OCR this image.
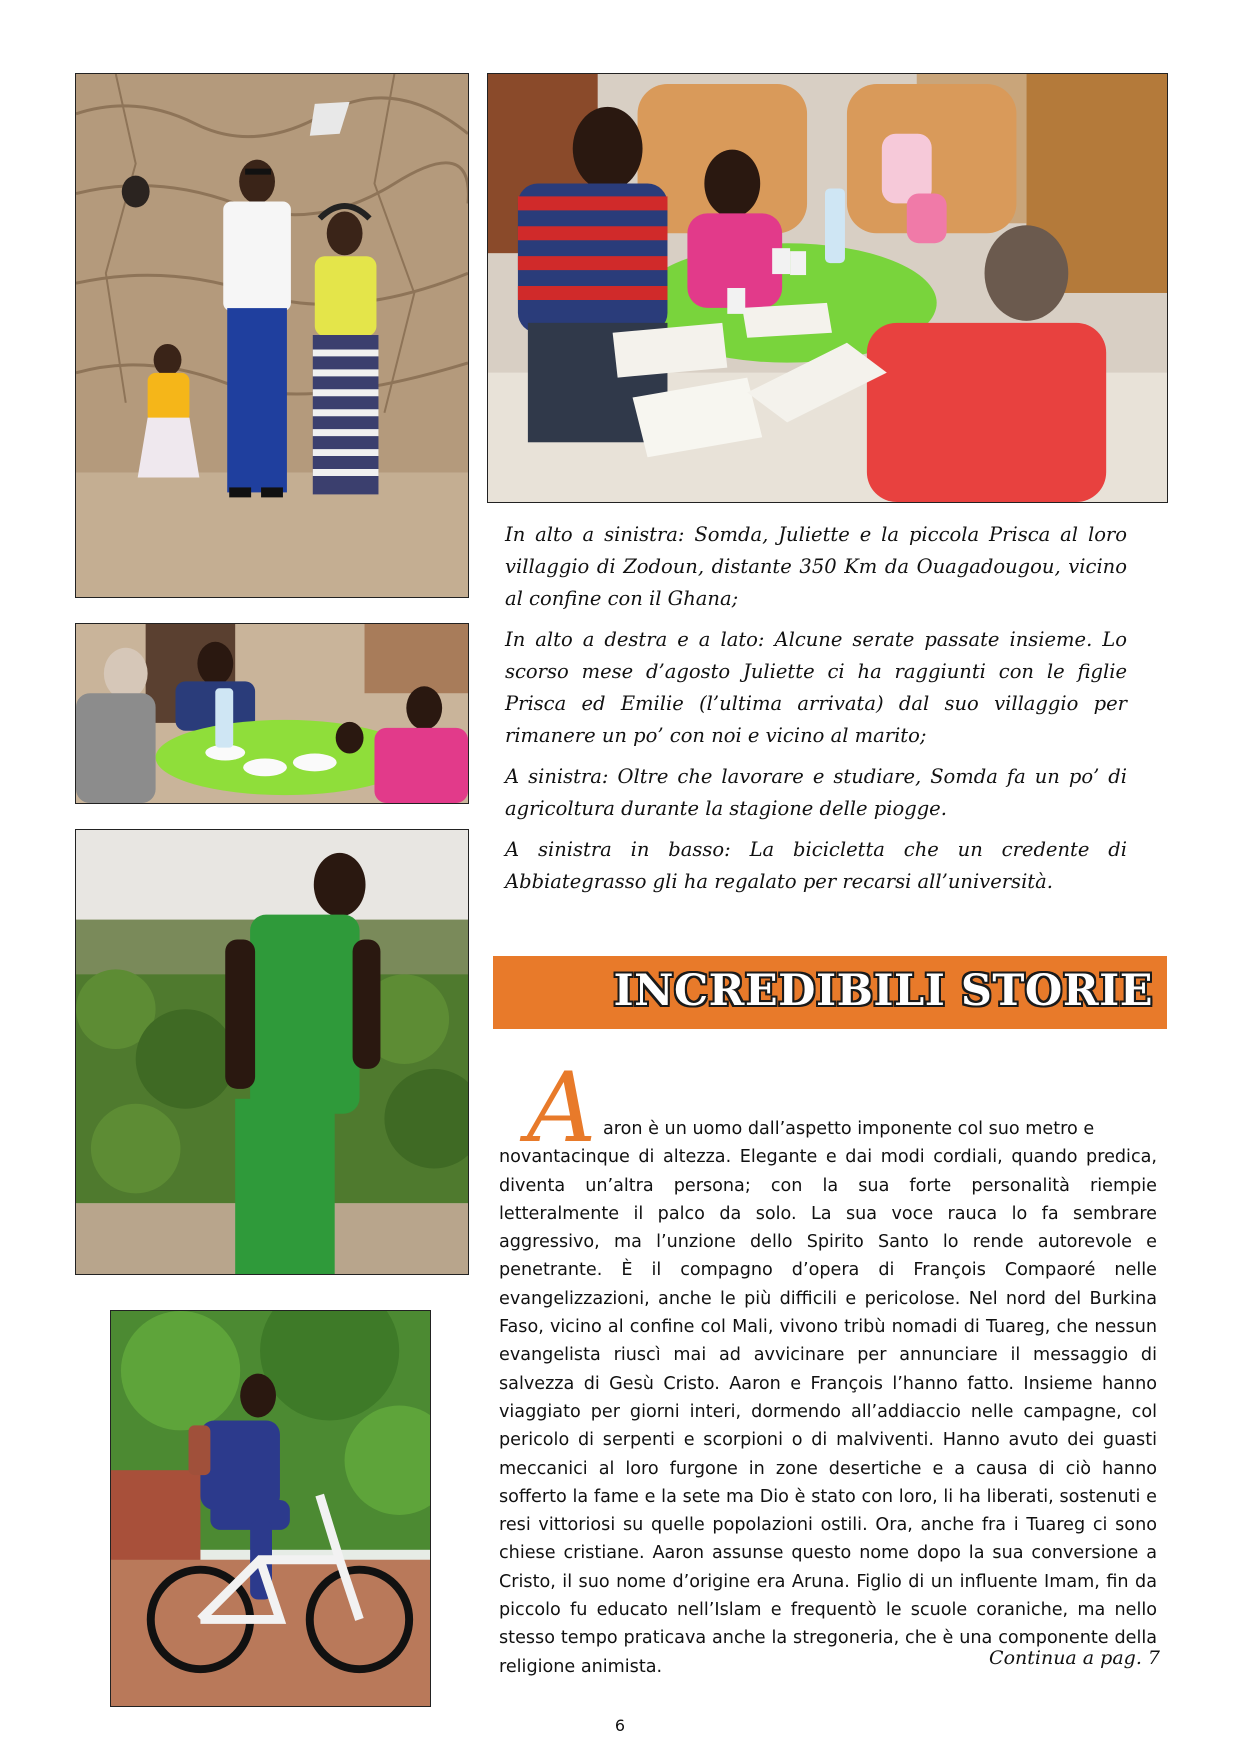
In alto a sinistra: Somda, Juliette e la piccola Prisca al loro villaggio di Zodoun, distante 350 Km da Ouagadougou, vicino al confine con il Ghana;

In alto a destra e a lato: Alcune serate passate insieme. Lo scorso mese d’agosto Juliette ci ha raggiunti con le figlie Prisca ed Emilie (l’ultima arrivata) dal suo villaggio per rimanere un po’ con noi e vicino al marito;

A sinistra: Oltre che lavorare e studiare, Somda fa un po’ di agricoltura durante la stagione delle piogge.

A sinistra in basso: La bicicletta che un credente di Abbiategrasso gli ha regalato per recarsi all’università.

INCREDIBILI STORIE
A aron è un uomo dall’aspetto imponente col suo metro e
novantacinque di altezza. Elegante e dai modi cordiali, quando predica, diventa un’altra persona; con la sua forte personalità riempie letteralmente il palco da solo. La sua voce rauca lo fa sembrare aggressivo, ma l’unzione dello Spirito Santo lo rende autorevole e penetrante. È il compagno d’opera di François Compaoré nelle evangelizzazioni, anche le più difficili e pericolose. Nel nord del Burkina Faso, vicino al confine col Mali, vivono tribù nomadi di Tuareg, che nessun evangelista riuscì mai ad avvicinare per annunciare il messaggio di salvezza di Gesù Cristo. Aaron e François l’hanno fatto. Insieme hanno viaggiato per giorni interi, dormendo all’addiaccio nelle campagne, col pericolo di serpenti e scorpioni o di malviventi. Hanno avuto dei guasti meccanici al loro furgone in zone desertiche e a causa di ciò hanno sofferto la fame e la sete ma Dio è stato con loro, li ha liberati, sostenuti e resi vittoriosi su quelle popolazioni ostili. Ora, anche fra i Tuareg ci sono chiese cristiane. Aaron assunse questo nome dopo la sua conversione a Cristo, il suo nome d’origine era Aruna. Figlio di un influente Imam, fin da piccolo fu educato nell’Islam e frequentò le scuole coraniche, ma nello stesso tempo praticava anche la stregoneria, che è una componente della religione animista.	Continua a pag. 7
6
